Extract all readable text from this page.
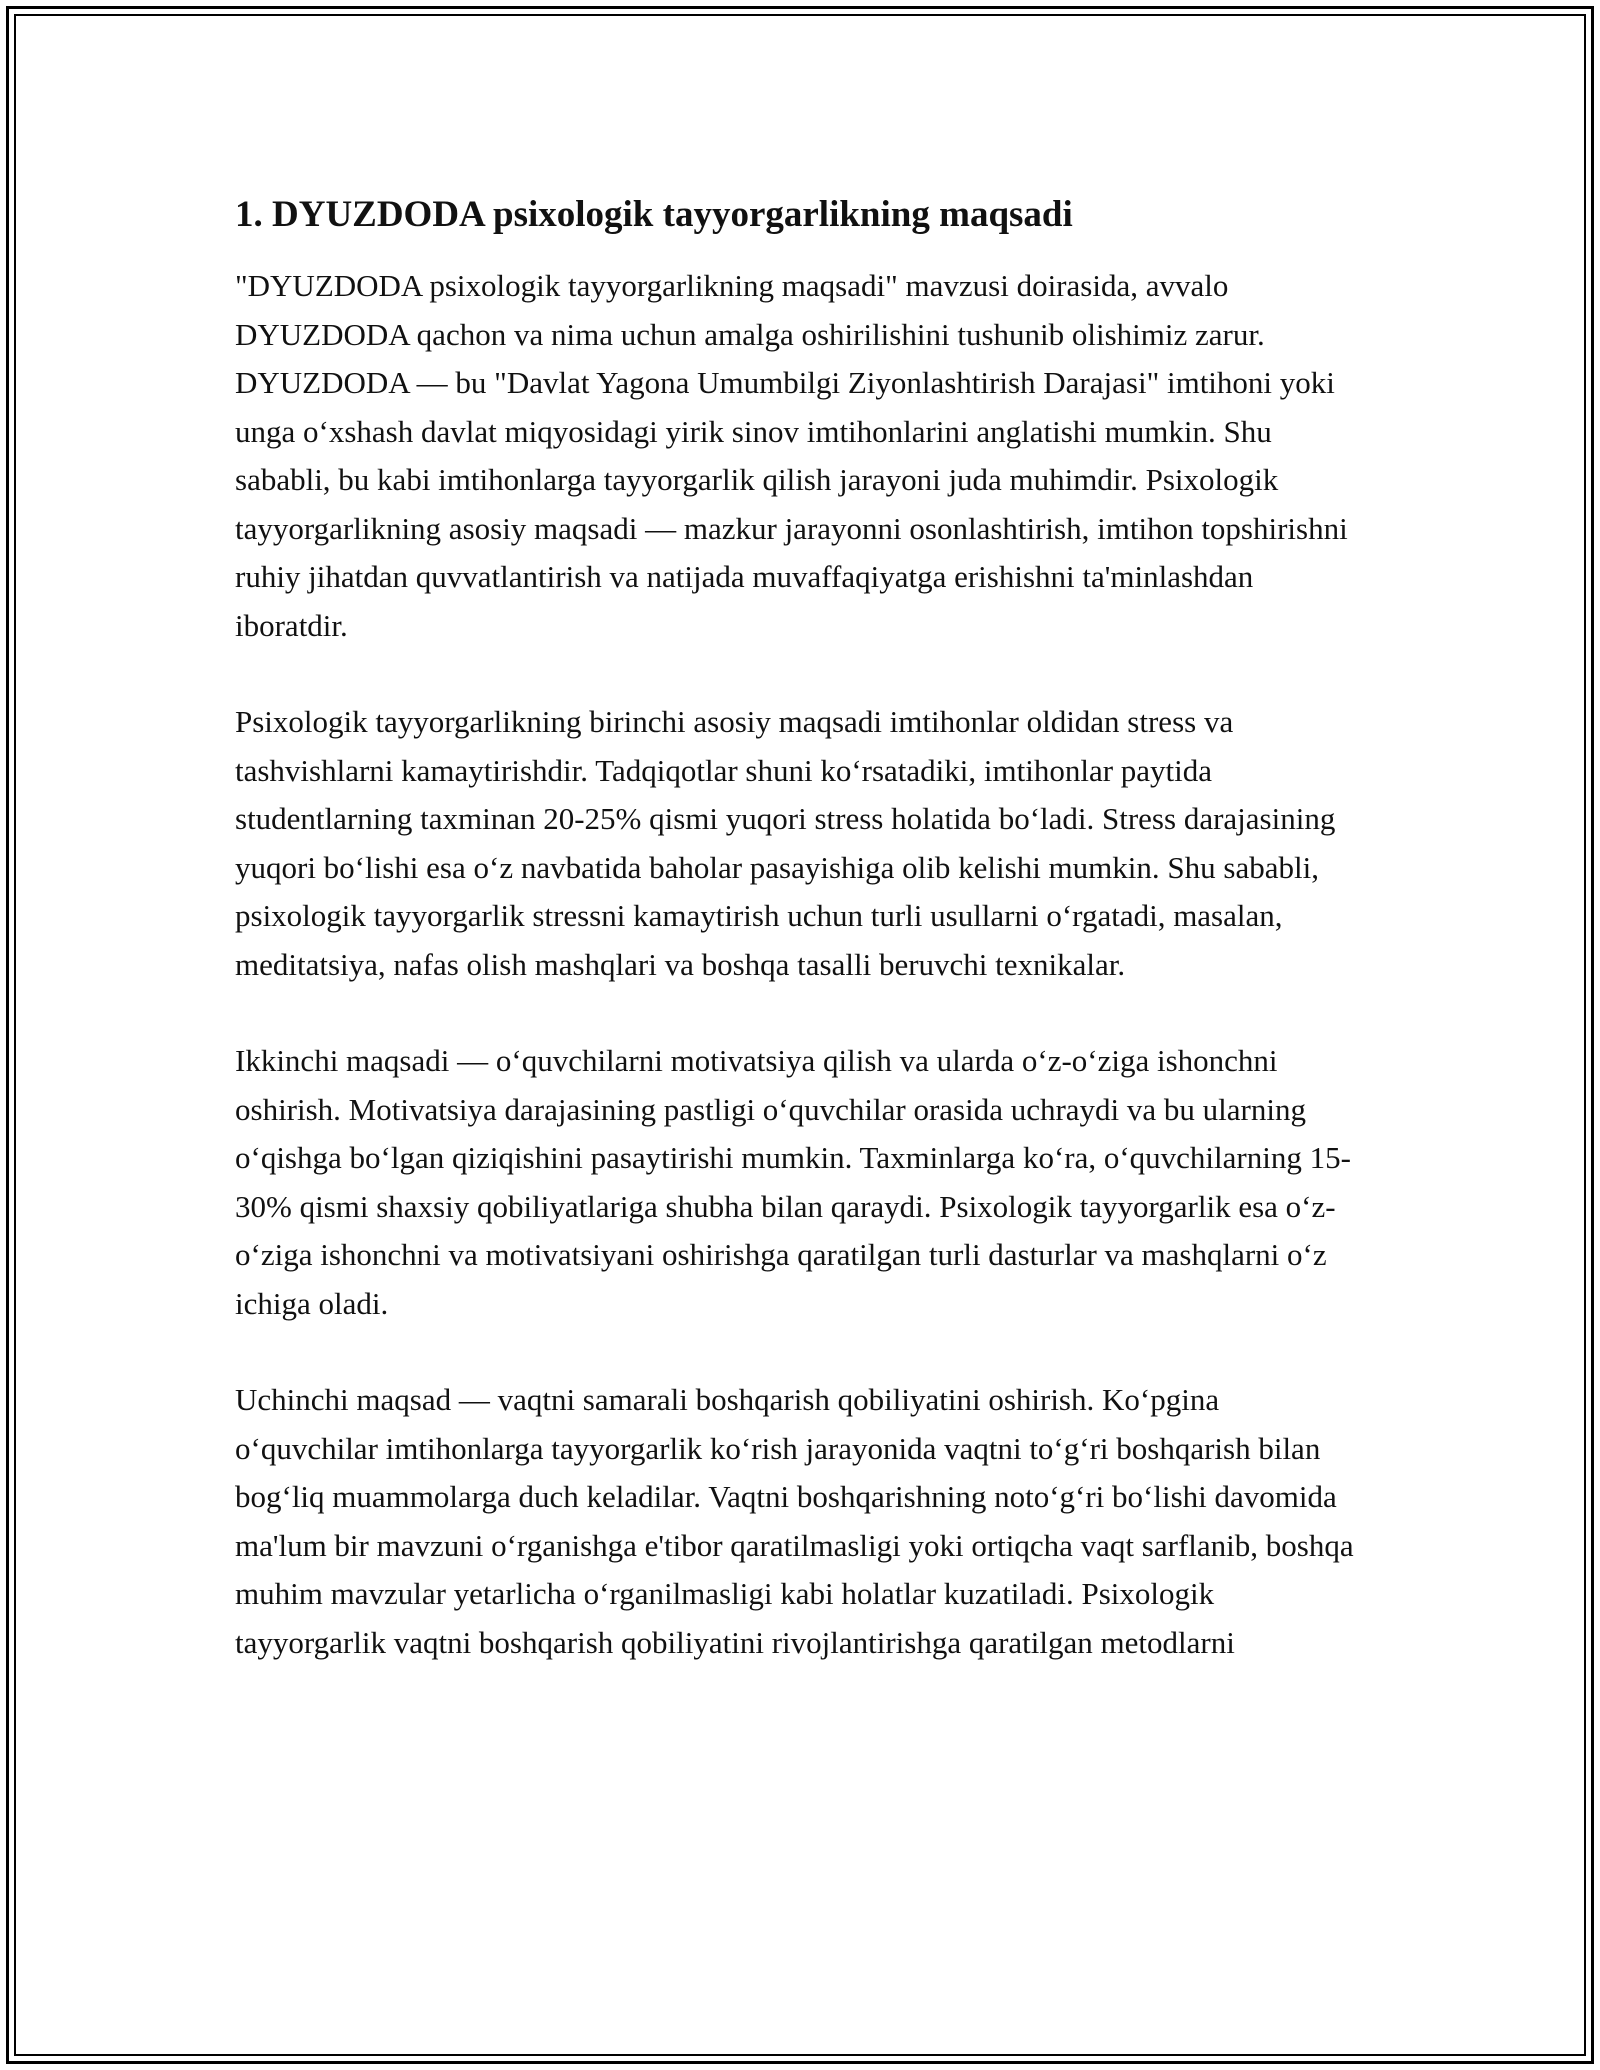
1. DYUZDODA psixologik tayyorgarlikning maqsadi

"DYUZDODA psixologik tayyorgarlikning maqsadi" mavzusi doirasida, avvalo DYUZDODA qachon va nima uchun amalga oshirilishini tushunib olishimiz zarur. DYUZDODA — bu "Davlat Yagona Umumbilgi Ziyonlashtirish Darajasi" imtihoni yoki unga oʻxshash davlat miqyosidagi yirik sinov imtihonlarini anglatishi mumkin. Shu sababli, bu kabi imtihonlarga tayyorgarlik qilish jarayoni juda muhimdir. Psixologik tayyorgarlikning asosiy maqsadi — mazkur jarayonni osonlashtirish, imtihon topshirishni ruhiy jihatdan quvvatlantirish va natijada muvaffaqiyatga erishishni ta'minlashdan iboratdir.

Psixologik tayyorgarlikning birinchi asosiy maqsadi imtihonlar oldidan stress va tashvishlarni kamaytirishdir. Tadqiqotlar shuni koʻrsatadiki, imtihonlar paytida studentlarning taxminan 20-25% qismi yuqori stress holatida boʻladi. Stress darajasining yuqori boʻlishi esa oʻz navbatida baholar pasayishiga olib kelishi mumkin. Shu sababli, psixologik tayyorgarlik stressni kamaytirish uchun turli usullarni oʻrgatadi, masalan, meditatsiya, nafas olish mashqlari va boshqa tasalli beruvchi texnikalar.

Ikkinchi maqsadi — oʻquvchilarni motivatsiya qilish va ularda oʻz-oʻziga ishonchni oshirish. Motivatsiya darajasining pastligi oʻquvchilar orasida uchraydi va bu ularning oʻqishga boʻlgan qiziqishini pasaytirishi mumkin. Taxminlarga koʻra, oʻquvchilarning 15-30% qismi shaxsiy qobiliyatlariga shubha bilan qaraydi. Psixologik tayyorgarlik esa oʻz-oʻziga ishonchni va motivatsiyani oshirishga qaratilgan turli dasturlar va mashqlarni oʻz ichiga oladi.

Uchinchi maqsad — vaqtni samarali boshqarish qobiliyatini oshirish. Koʻpgina oʻquvchilar imtihonlarga tayyorgarlik koʻrish jarayonida vaqtni toʻgʻri boshqarish bilan bogʻliq muammolarga duch keladilar. Vaqtni boshqarishning notoʻgʻri boʻlishi davomida ma'lum bir mavzuni oʻrganishga e'tibor qaratilmasligi yoki ortiqcha vaqt sarflanib, boshqa muhim mavzular yetarlicha oʻrganilmasligi kabi holatlar kuzatiladi. Psixologik tayyorgarlik vaqtni boshqarish qobiliyatini rivojlantirishga qaratilgan metodlarni
